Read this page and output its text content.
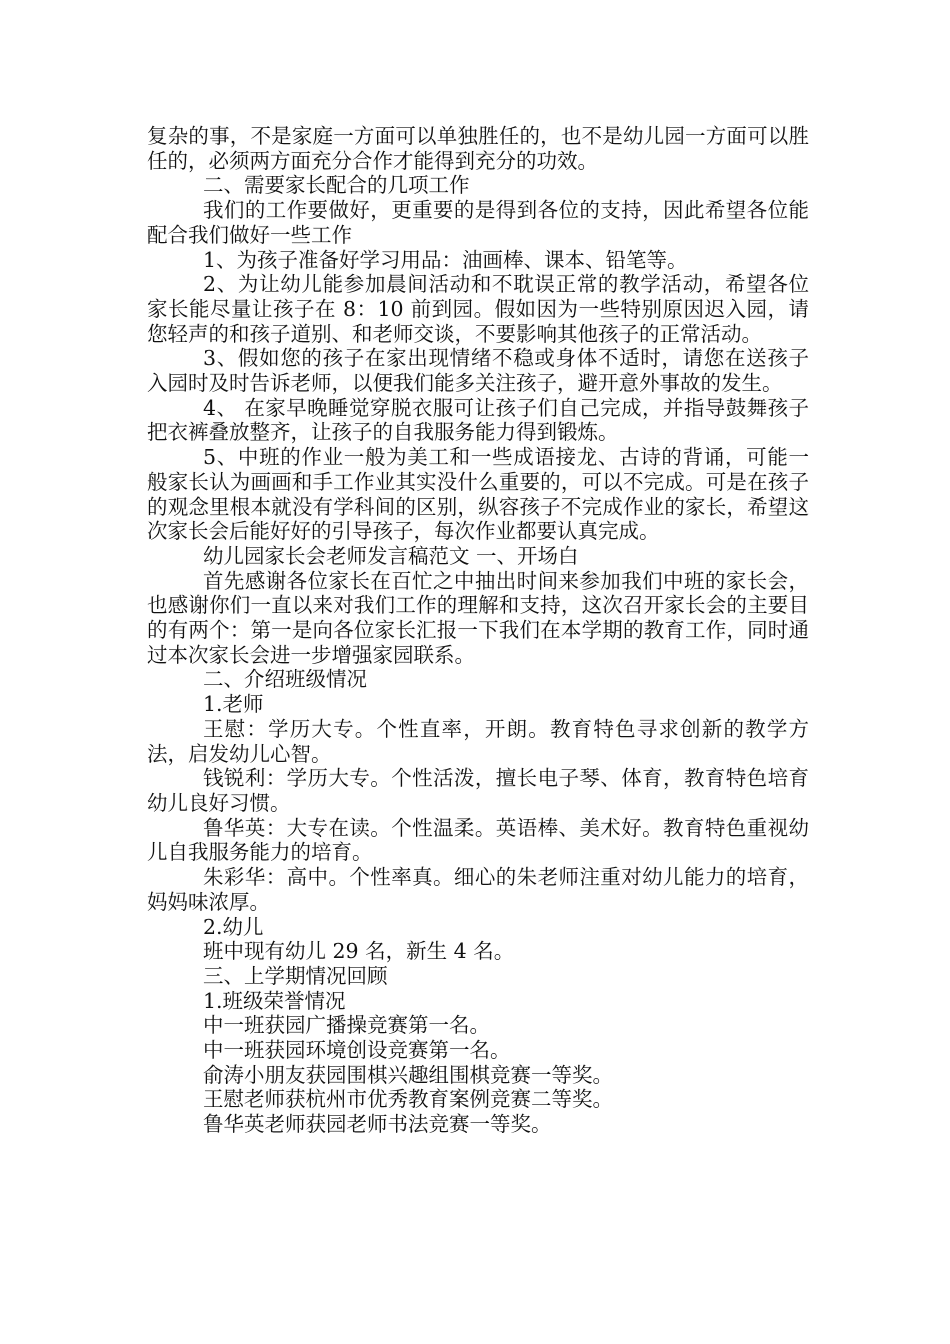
复杂的事，不是家庭一方面可以单独胜任的，也不是幼儿园一方面可以胜任的，必须两方面充分合作才能得到充分的功效。

二、需要家长配合的几项工作

我们的工作要做好，更重要的是得到各位的支持，因此希望各位能配合我们做好一些工作

1、为孩子准备好学习用品：油画棒、课本、铅笔等。

2、为让幼儿能参加晨间活动和不耽误正常的教学活动，希望各位家长能尽量让孩子在 8：10 前到园。假如因为一些特别原因迟入园，请您轻声的和孩子道别、和老师交谈，不要影响其他孩子的正常活动。

3、假如您的孩子在家出现情绪不稳或身体不适时，请您在送孩子入园时及时告诉老师，以便我们能多关注孩子，避开意外事故的发生。

4、 在家早晚睡觉穿脱衣服可让孩子们自己完成，并指导鼓舞孩子把衣裤叠放整齐，让孩子的自我服务能力得到锻炼。

5、中班的作业一般为美工和一些成语接龙、古诗的背诵，可能一般家长认为画画和手工作业其实没什么重要的，可以不完成。可是在孩子的观念里根本就没有学科间的区别，纵容孩子不完成作业的家长，希望这次家长会后能好好的引导孩子，每次作业都要认真完成。

幼儿园家长会老师发言稿范文 一、开场白

首先感谢各位家长在百忙之中抽出时间来参加我们中班的家长会，也感谢你们一直以来对我们工作的理解和支持，这次召开家长会的主要目的有两个：第一是向各位家长汇报一下我们在本学期的教育工作，同时通过本次家长会进一步增强家园联系。

二、介绍班级情况

1.老师

王慰：学历大专。个性直率，开朗。教育特色寻求创新的教学方法，启发幼儿心智。

钱锐利：学历大专。个性活泼，擅长电子琴、体育，教育特色培育幼儿良好习惯。

鲁华英：大专在读。个性温柔。英语棒、美术好。教育特色重视幼儿自我服务能力的培育。

朱彩华：高中。个性率真。细心的朱老师注重对幼儿能力的培育，妈妈味浓厚。

2.幼儿

班中现有幼儿 29 名，新生 4 名。

三、上学期情况回顾

1.班级荣誉情况

中一班获园广播操竞赛第一名。

中一班获园环境创设竞赛第一名。

俞涛小朋友获园围棋兴趣组围棋竞赛一等奖。

王慰老师获杭州市优秀教育案例竞赛二等奖。

鲁华英老师获园老师书法竞赛一等奖。
